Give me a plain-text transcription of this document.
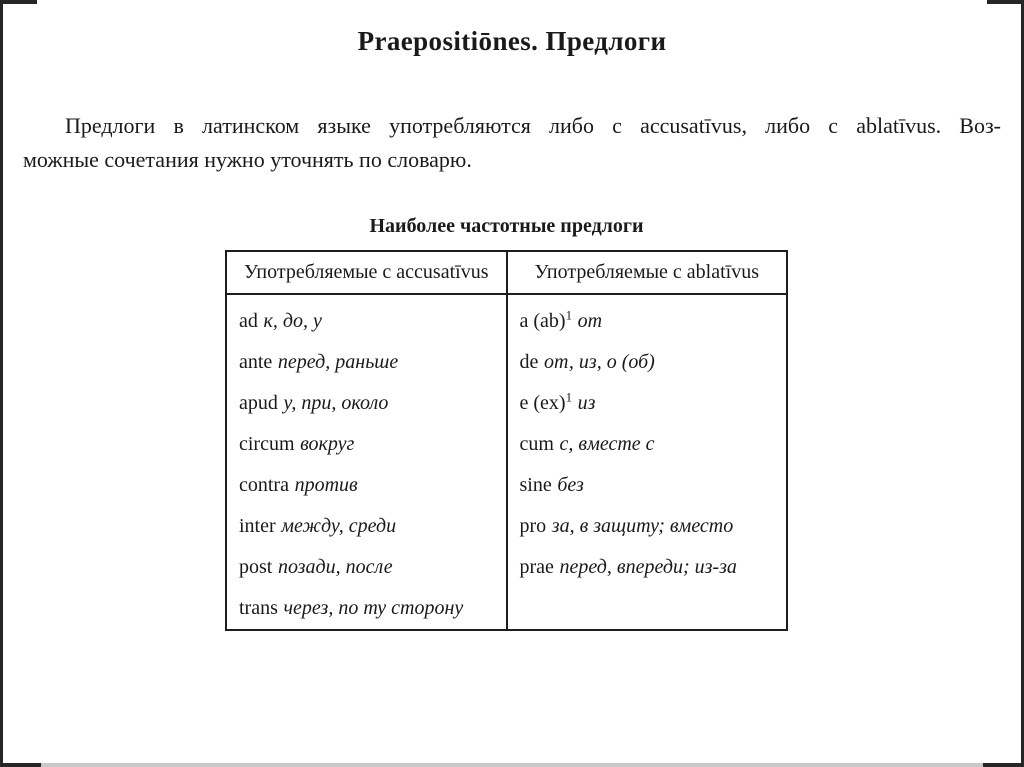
Praepositiōnes. Предлоги

Предлоги в латинском языке употребляются либо с accusatīvus, либо с ablatīvus. Воз-
можные сочетания нужно уточнять по словарю.

Наиболее частотные предлоги
Употребляемые с accusatīvus	Употребляемые с ablatīvus
ad к, до, у	a (ab)$^1$ от
ante перед, раньше	de от, из, о (об)
apud у, при, около	e (ex)$^1$ из
circum вокруг	cum с, вместе с
contra против	sine без
inter между, среди	pro за, в защиту; вместо
post позади, после	prae перед, впереди; из-за
trans через, по ту сторону	
